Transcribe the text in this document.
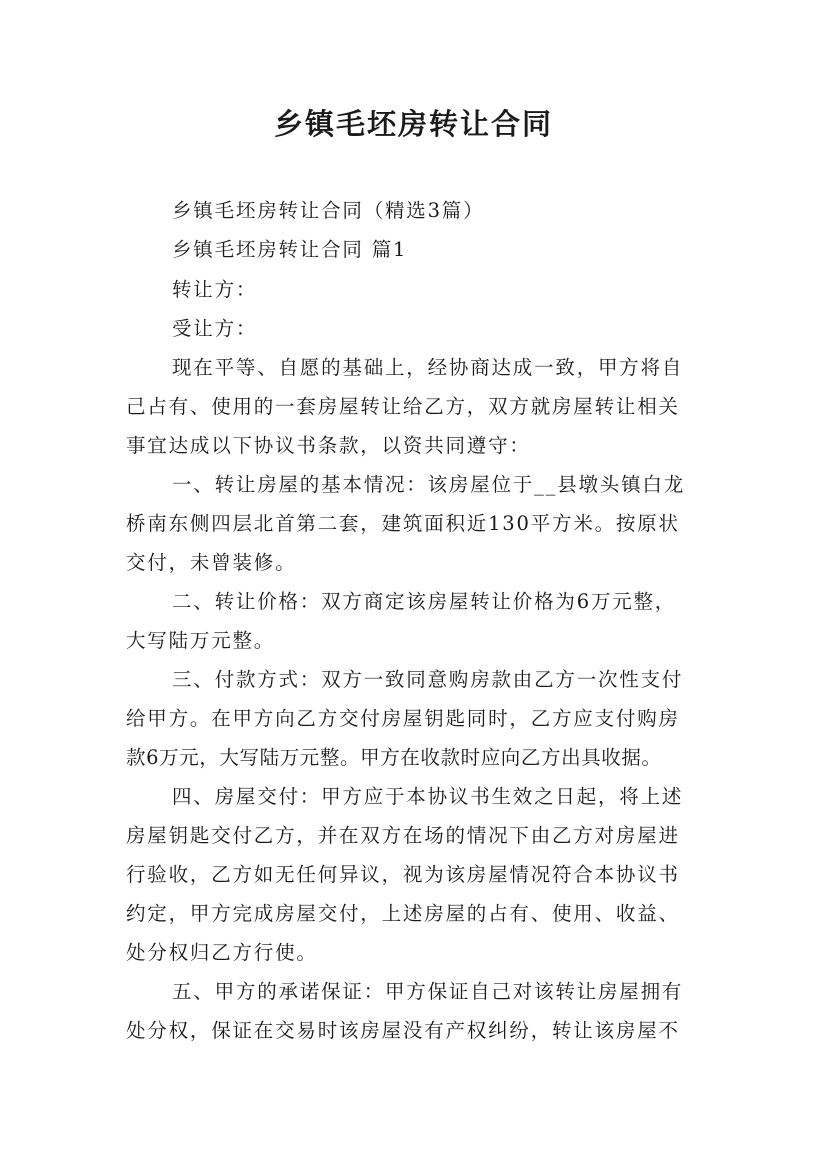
乡镇毛坯房转让合同
乡镇毛坯房转让合同（精选3篇）
乡镇毛坯房转让合同 篇1
转让方：
受让方：
现在平等、自愿的基础上，经协商达成一致，甲方将自
己占有、使用的一套房屋转让给乙方，双方就房屋转让相关
事宜达成以下协议书条款，以资共同遵守：
一、转让房屋的基本情况：该房屋位于__县墩头镇白龙
桥南东侧四层北首第二套，建筑面积近130平方米。按原状
交付，未曾装修。
二、转让价格：双方商定该房屋转让价格为6万元整，
大写陆万元整。
三、付款方式：双方一致同意购房款由乙方一次性支付
给甲方。在甲方向乙方交付房屋钥匙同时，乙方应支付购房
款6万元，大写陆万元整。甲方在收款时应向乙方出具收据。
四、房屋交付：甲方应于本协议书生效之日起，将上述
房屋钥匙交付乙方，并在双方在场的情况下由乙方对房屋进
行验收，乙方如无任何异议，视为该房屋情况符合本协议书
约定，甲方完成房屋交付，上述房屋的占有、使用、收益、
处分权归乙方行使。
五、甲方的承诺保证：甲方保证自己对该转让房屋拥有
处分权，保证在交易时该房屋没有产权纠纷，转让该房屋不
